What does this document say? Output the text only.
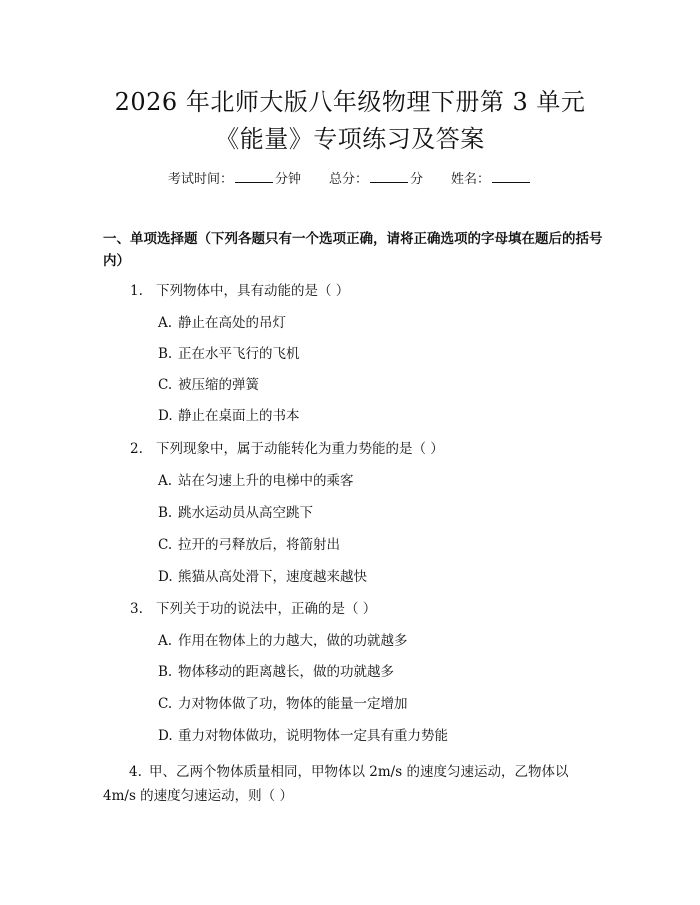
2026 年北师大版八年级物理下册第 3 单元
《能量》专项练习及答案
考试时间：	分钟 总分：	分 姓名：
一、单项选择题（下列各题只有一个选项正确，请将正确选项的字母填在题后的括号内）
1. 下列物体中，具有动能的是（ ）
A. 静止在高处的吊灯
B. 正在水平飞行的飞机
C. 被压缩的弹簧
D. 静止在桌面上的书本
2. 下列现象中，属于动能转化为重力势能的是（ ）
A. 站在匀速上升的电梯中的乘客
B. 跳水运动员从高空跳下
C. 拉开的弓释放后，将箭射出
D. 熊猫从高处滑下，速度越来越快
3. 下列关于功的说法中，正确的是（ ）
A. 作用在物体上的力越大，做的功就越多
B. 物体移动的距离越长，做的功就越多
C. 力对物体做了功，物体的能量一定增加
D. 重力对物体做功，说明物体一定具有重力势能
4. 甲、乙两个物体质量相同，甲物体以 2m/s 的速度匀速运动，乙物体以 4m/s 的速度匀速运动，则（ ）
